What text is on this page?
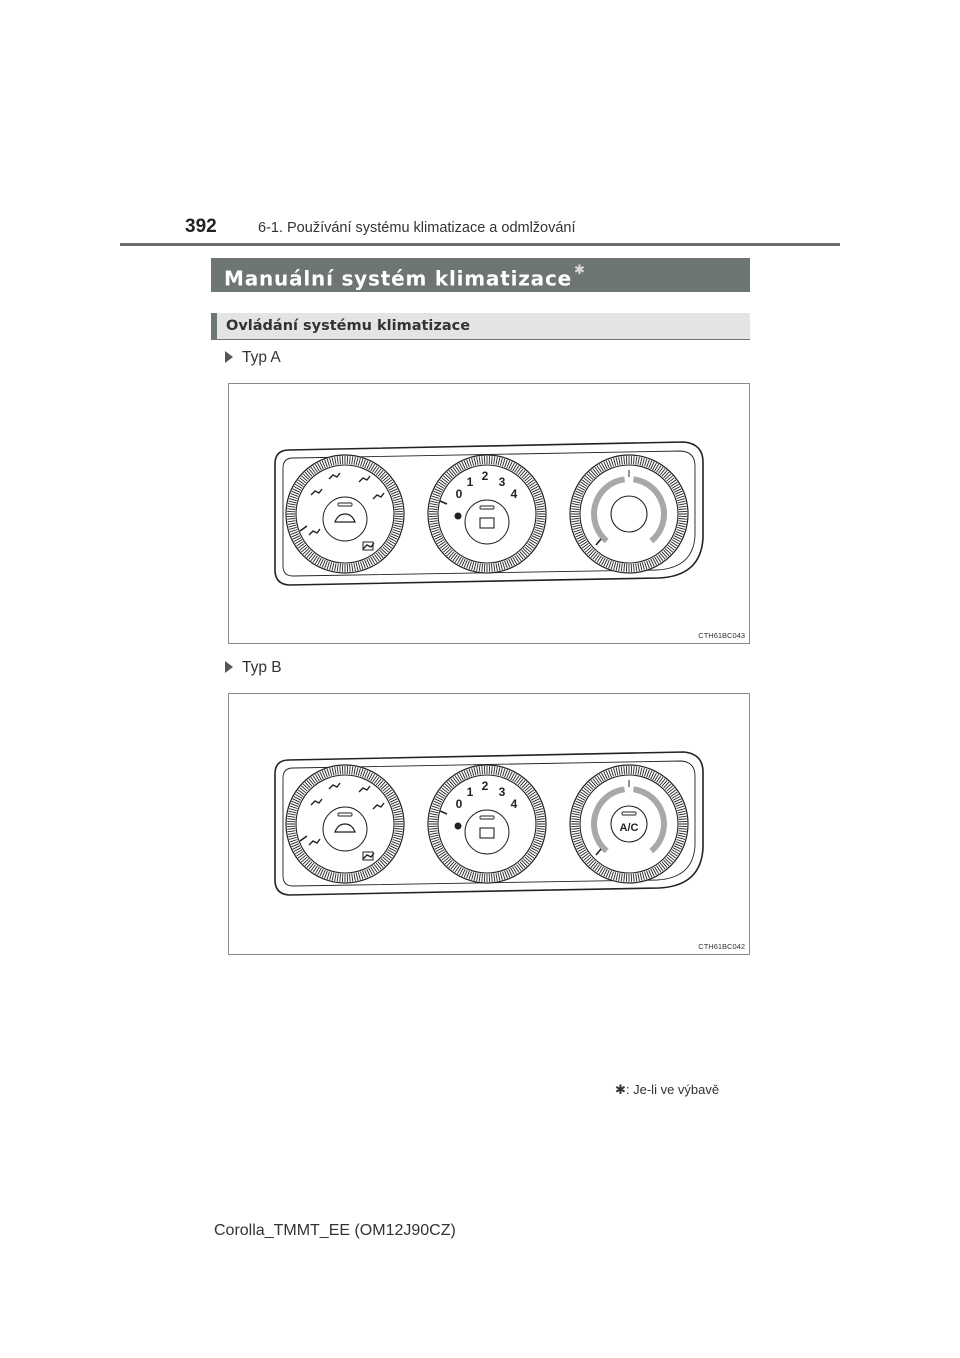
392	6-1. Používání systému klimatizace a odmlžování
Manuální systém klimatizace ✱
Ovládání systému klimatizace
Typ A
0
1 2 3
4
CTH61BC043
Typ B
0
1 2 3
4
A/C
CTH61BC042
✱: Je-li ve výbavě
Corolla_TMMT_EE (OM12J90CZ)
